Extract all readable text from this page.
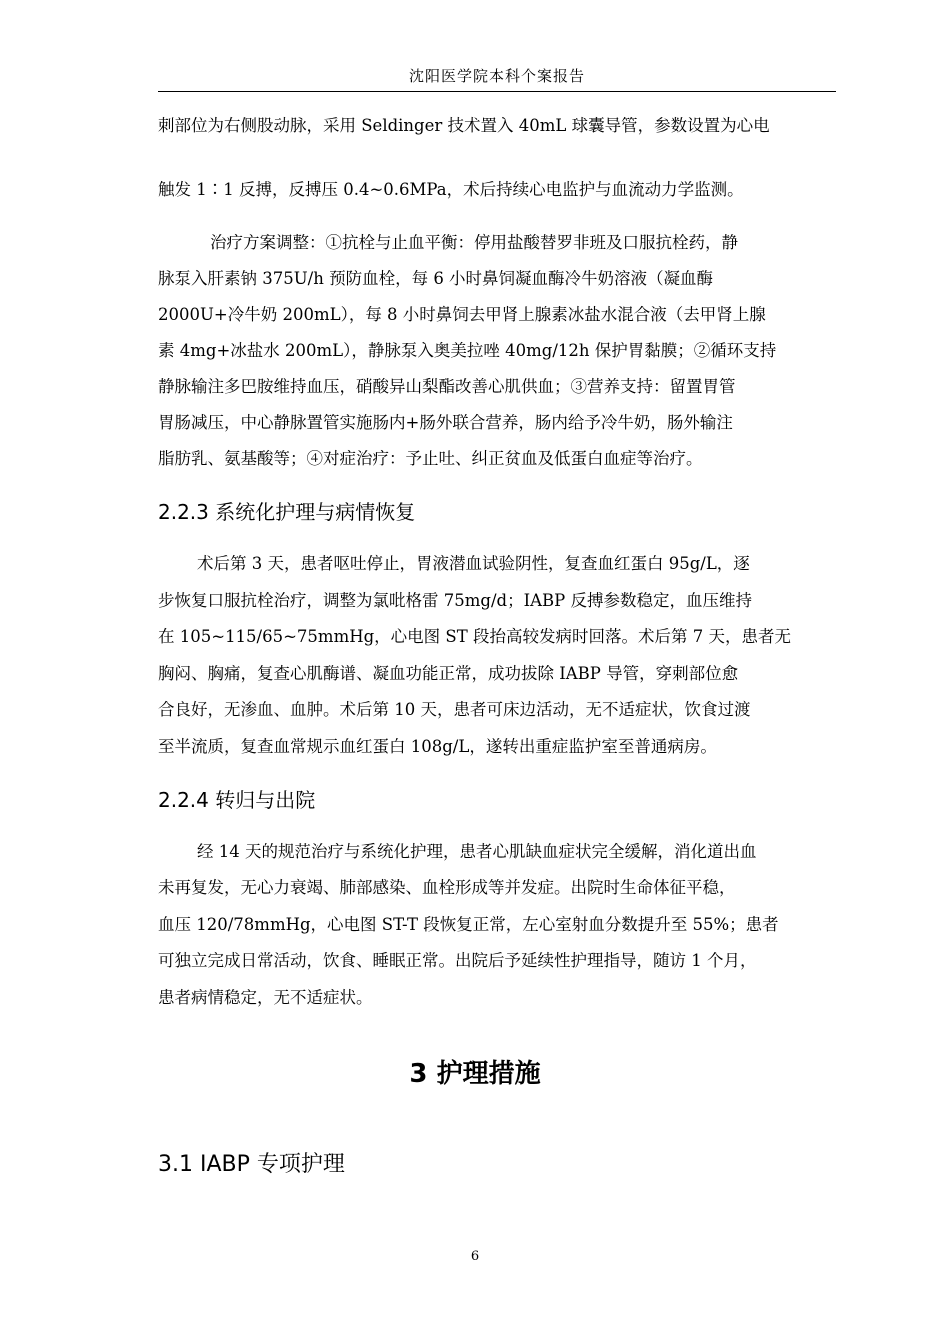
沈阳医学院本科个案报告
刺部位为右侧股动脉，采用 Seldinger 技术置入 40mL 球囊导管，参数设置为心电
触发 1∶1 反搏，反搏压 0.4~0.6MPa，术后持续心电监护与血流动力学监测。
治疗方案调整：①抗栓与止血平衡：停用盐酸替罗非班及口服抗栓药，静
脉泵入肝素钠 375U/h 预防血栓，每 6 小时鼻饲凝血酶冷牛奶溶液（凝血酶
2000U+冷牛奶 200mL），每 8 小时鼻饲去甲肾上腺素冰盐水混合液（去甲肾上腺
素 4mg+冰盐水 200mL），静脉泵入奥美拉唑 40mg/12h 保护胃黏膜；②循环支持
静脉输注多巴胺维持血压，硝酸异山梨酯改善心肌供血；③营养支持：留置胃管
胃肠减压，中心静脉置管实施肠内+肠外联合营养，肠内给予冷牛奶，肠外输注
脂肪乳、氨基酸等；④对症治疗：予止吐、纠正贫血及低蛋白血症等治疗。
2.2.3 系统化护理与病情恢复
术后第 3 天，患者呕吐停止，胃液潜血试验阴性，复查血红蛋白 95g/L，逐
步恢复口服抗栓治疗，调整为氯吡格雷 75mg/d；IABP 反搏参数稳定，血压维持
在 105~115/65~75mmHg，心电图 ST 段抬高较发病时回落。术后第 7 天，患者无
胸闷、胸痛，复查心肌酶谱、凝血功能正常，成功拔除 IABP 导管，穿刺部位愈
合良好，无渗血、血肿。术后第 10 天，患者可床边活动，无不适症状，饮食过渡
至半流质，复查血常规示血红蛋白 108g/L，遂转出重症监护室至普通病房。
2.2.4 转归与出院
经 14 天的规范治疗与系统化护理，患者心肌缺血症状完全缓解，消化道出血
未再复发，无心力衰竭、肺部感染、血栓形成等并发症。出院时生命体征平稳，
血压 120/78mmHg，心电图 ST-T 段恢复正常，左心室射血分数提升至 55%；患者
可独立完成日常活动，饮食、睡眠正常。出院后予延续性护理指导，随访 1 个月，
患者病情稳定，无不适症状。
3 护理措施
3.1 IABP 专项护理
6
